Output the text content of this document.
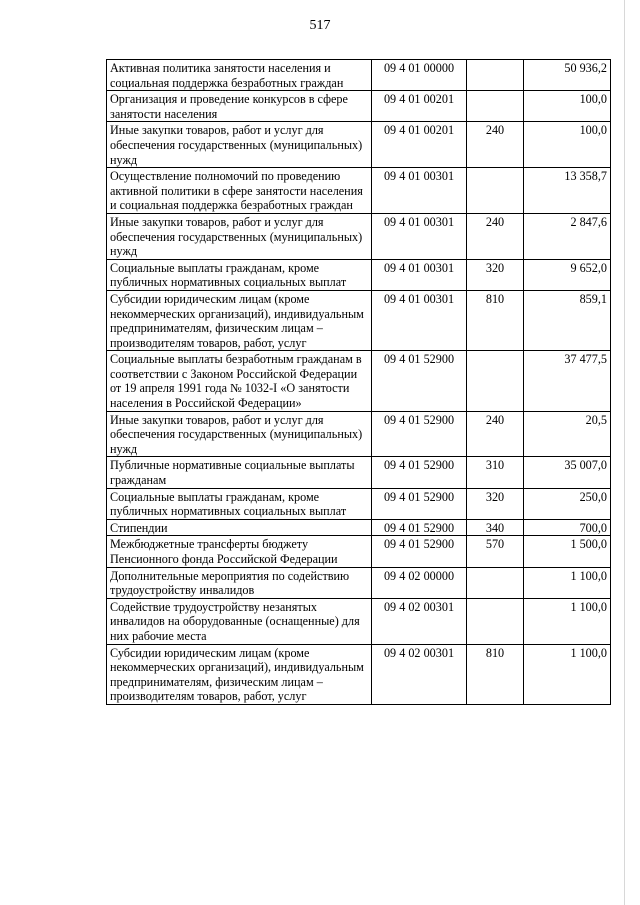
517
Активная политика занятости населения и социальная поддержка безработных граждан	09 4 01 00000		50 936,2
Организация и проведение конкурсов в сфере занятости населения	09 4 01 00201		100,0
Иные закупки товаров, работ и услуг для обеспечения государственных (муниципальных) нужд	09 4 01 00201	240	100,0
Осуществление полномочий по проведению активной политики в сфере занятости населения и социальная поддержка безработных граждан	09 4 01 00301		13 358,7
Иные закупки товаров, работ и услуг для обеспечения государственных (муниципальных) нужд	09 4 01 00301	240	2 847,6
Социальные выплаты гражданам, кроме публичных нормативных социальных выплат	09 4 01 00301	320	9 652,0
Субсидии юридическим лицам (кроме некоммерческих организаций), индивидуальным предпринимателям, физическим лицам – производителям товаров, работ, услуг	09 4 01 00301	810	859,1
Социальные выплаты безработным гражданам в соответствии с Законом Российской Федерации от 19 апреля 1991 года № 1032-I «О занятости населения в Российской Федерации»	09 4 01 52900		37 477,5
Иные закупки товаров, работ и услуг для обеспечения государственных (муниципальных) нужд	09 4 01 52900	240	20,5
Публичные нормативные социальные выплаты гражданам	09 4 01 52900	310	35 007,0
Социальные выплаты гражданам, кроме публичных нормативных социальных выплат	09 4 01 52900	320	250,0
Стипендии	09 4 01 52900	340	700,0
Межбюджетные трансферты бюджету Пенсионного фонда Российской Федерации	09 4 01 52900	570	1 500,0
Дополнительные мероприятия по содействию трудоустройству инвалидов	09 4 02 00000		1 100,0
Содействие трудоустройству незанятых инвалидов на оборудованные (оснащенные) для них рабочие места	09 4 02 00301		1 100,0
Субсидии юридическим лицам (кроме некоммерческих организаций), индивидуальным предпринимателям, физическим лицам – производителям товаров, работ, услуг	09 4 02 00301	810	1 100,0
